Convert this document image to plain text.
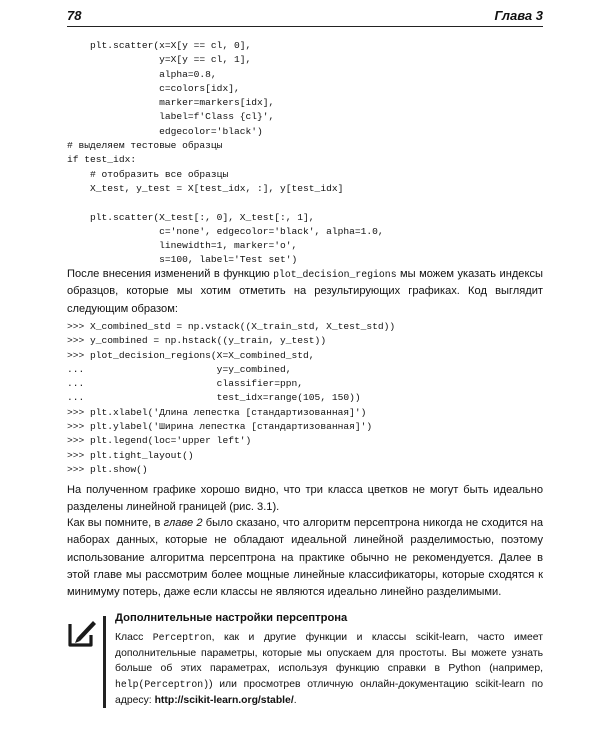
78	Глава 3
plt.scatter(x=X[y == cl, 0],
y=X[y == cl, 1],
alpha=0.8,
c=colors[idx],
marker=markers[idx],
label=f'Class {cl}',
edgecolor='black')
# выделяем тестовые образцы
if test_idx:
# отобразить все образцы
X_test, y_test = X[test_idx, :], y[test_idx]

plt.scatter(X_test[:, 0], X_test[:, 1],
c='none', edgecolor='black', alpha=1.0,
linewidth=1, marker='o',
s=100, label='Test set')

После внесения изменений в функцию plot_decision_regions мы можем указать индексы образцов, которые мы хотим отметить на результирующих графиках. Код выглядит следующим образом:

>>> X_combined_std = np.vstack((X_train_std, X_test_std))
>>> y_combined = np.hstack((y_train, y_test))
>>> plot_decision_regions(X=X_combined_std,
...                       y=y_combined,
...                       classifier=ppn,
...                       test_idx=range(105, 150))
>>> plt.xlabel('Длина лепестка [стандартизованная]')
>>> plt.ylabel('Ширина лепестка [стандартизованная]')
>>> plt.legend(loc='upper left')
>>> plt.tight_layout()
>>> plt.show()

На полученном графике хорошо видно, что три класса цветков не могут быть идеально разделены линейной границей (рис. 3.1).

Как вы помните, в главе 2 было сказано, что алгоритм персептрона никогда не сходится на наборах данных, которые не обладают идеальной линейной разделимостью, поэтому использование алгоритма персептрона на практике обычно не рекомендуется. Далее в этой главе мы рассмотрим более мощные линейные классификаторы, которые сходятся к минимуму потерь, даже если классы не являются идеально линейно разделимыми.

Дополнительные настройки персептрона

Класс Perceptron, как и другие функции и классы scikit-learn, часто имеет дополнительные параметры, которые мы опускаем для простоты. Вы можете узнать больше об этих параметрах, используя функцию справки в Python (например, help(Perceptron)) или просмотрев отличную онлайн-документацию scikit-learn по адресу: http://scikit-learn.org/stable/.
